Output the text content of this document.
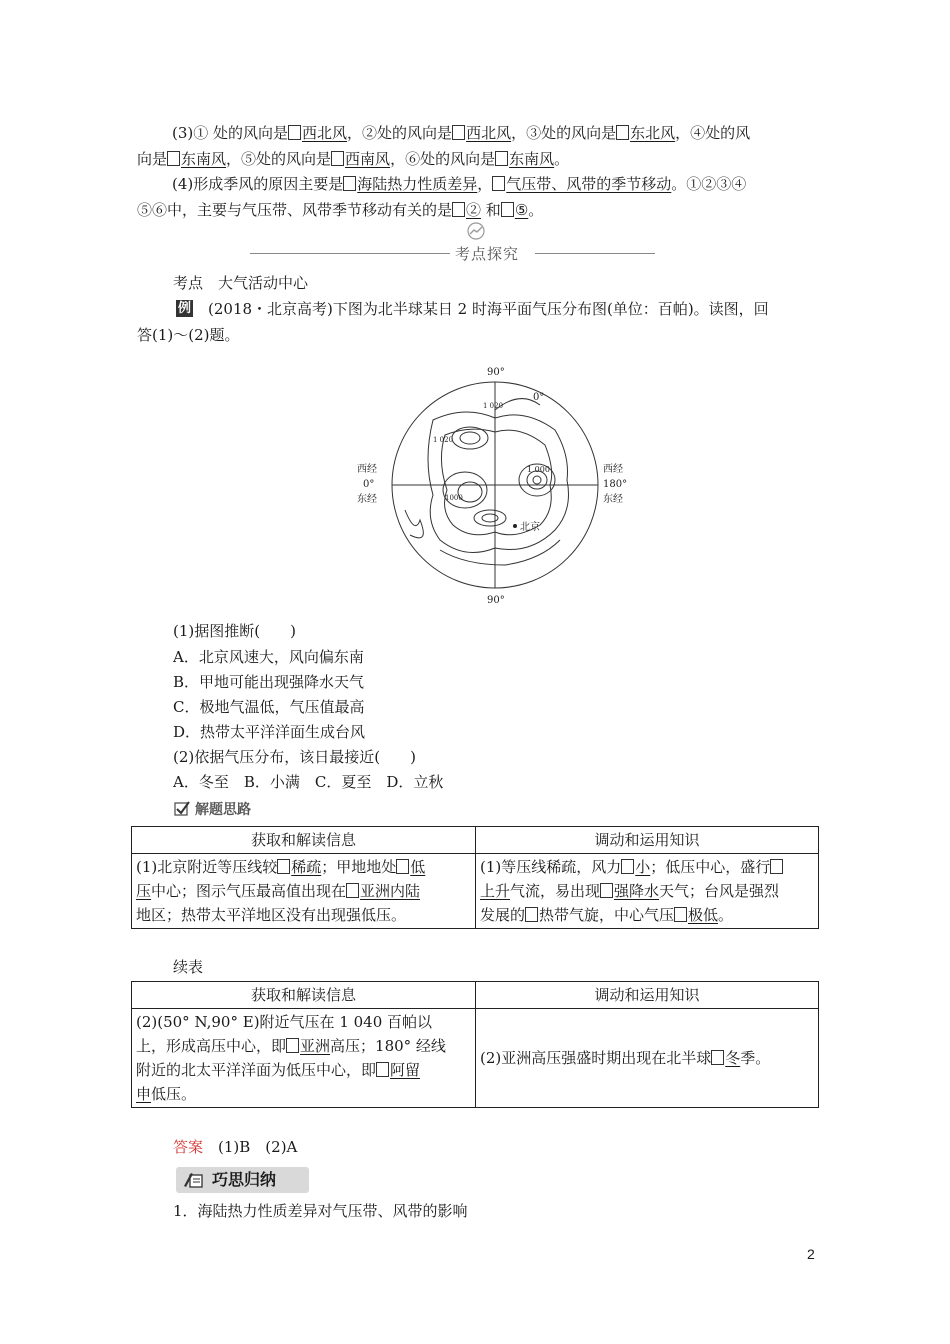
(3)① 处的风向是 西北风，②处的风向是 西北风，③处的风向是 东北风，④处的风
向是 东南风，⑤处的风向是 西南风，⑥处的风向是 东南风。
(4)形成季风的原因主要是 海陆热力性质差异， 气压带、风带的季节移动。①②③④
⑤⑥中，主要与气压带、风带季节移动有关的是 ② 和 ⑤。
考点探究
考点　大气活动中心
例 (2018・北京高考)下图为北半球某日 2 时海平面气压分布图(单位：百帕)。读图，回
答(1)～(2)题。
90°
90°
0°
西经
0°
东经
西经
180°
东经
北京
1 000
1 020
1 020
1000
(1)据图推断(　　)
A．北京风速大，风向偏东南
B．甲地可能出现强降水天气
C．极地气温低，气压值最高
D．热带太平洋洋面生成台风
(2)依据气压分布，该日最接近(　　)
A．冬至　B．小满　C．夏至　D．立秋
解题思路
获取和解读信息	调动和运用知识
(1)北京附近等压线较 稀疏；甲地地处 低
压中心；图示气压最高值出现在 亚洲内陆
地区；热带太平洋地区没有出现强低压。	(1)等压线稀疏，风力 小；低压中心，盛行
上升气流，易出现 强降水天气；台风是强烈
发展的 热带气旋，中心气压 极低。
续表
获取和解读信息	调动和运用知识
(2)(50° N,90° E)附近气压在 1 040 百帕以
上，形成高压中心，即 亚洲高压；180° 经线
附近的北太平洋洋面为低压中心，即 阿留
申低压。	(2)亚洲高压强盛时期出现在北半球 冬季。
答案　 (1)B　(2)A
巧思归纳
1．海陆热力性质差异对气压带、风带的影响
2
